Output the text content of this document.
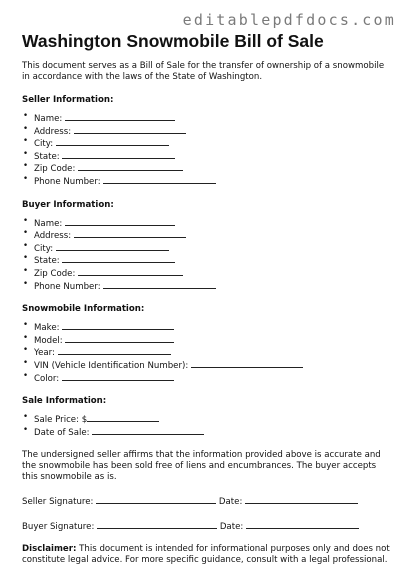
editablepdfdocs.com
Washington Snowmobile Bill of Sale

This document serves as a Bill of Sale for the transfer of ownership of a snowmobile in accordance with the laws of the State of Washington.

Seller Information:
• Name:
• Address:
• City:
• State:
• Zip Code:
• Phone Number:
Buyer Information:
• Name:
• Address:
• City:
• State:
• Zip Code:
• Phone Number:
Snowmobile Information:
• Make:
• Model:
• Year:
• VIN (Vehicle Identification Number):
• Color:
Sale Information:
• Sale Price: $
• Date of Sale:

The undersigned seller affirms that the information provided above is accurate and the snowmobile has been sold free of liens and encumbrances. The buyer accepts this snowmobile as is.

Seller Signature:	Date:
Buyer Signature:	Date:

Disclaimer: This document is intended for informational purposes only and does not constitute legal advice. For more specific guidance, consult with a legal professional.
